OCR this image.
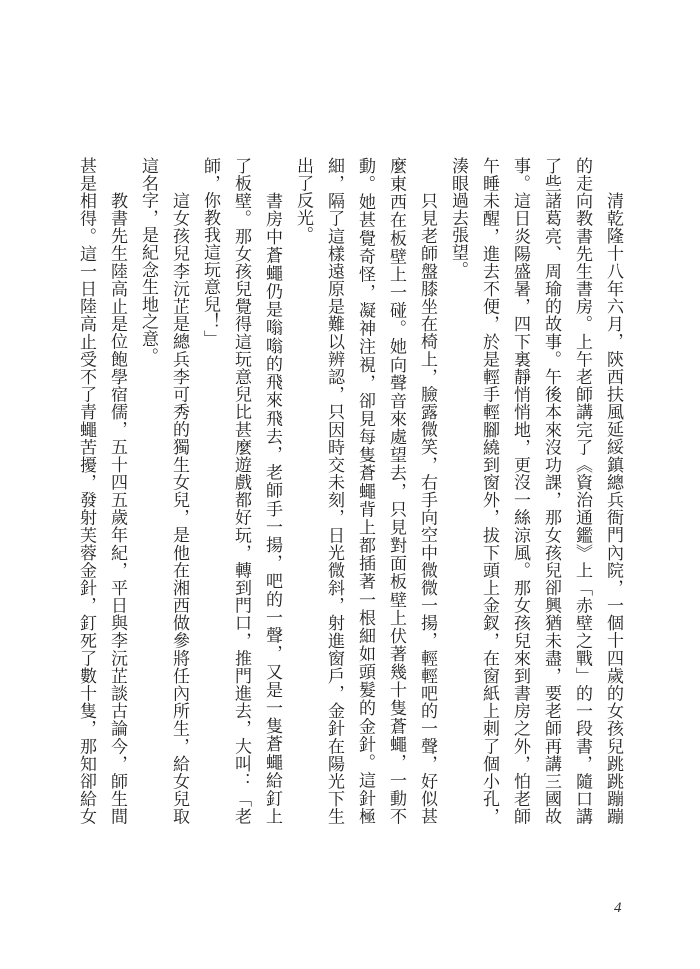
清乾隆十八年六月，陝西扶風延綏鎮總兵衙門內院，一個十四歲的女孩兒跳跳蹦蹦
的走向教書先生書房。上午老師講完了《資治通鑑》上「赤壁之戰」的一段書，隨口講
了些諸葛亮、周瑜的故事。午後本來沒功課，那女孩兒卻興猶未盡，要老師再講三國故
事。這日炎陽盛暑，四下裏靜悄悄地，更沒一絲涼風。那女孩兒來到書房之外，怕老師
午睡未醒，進去不便，於是輕手輕腳繞到窗外，拔下頭上金釵，在窗紙上刺了個小孔，
湊眼過去張望。
只見老師盤膝坐在椅上，臉露微笑，右手向空中微微一揚，輕輕吧的一聲，好似甚
麼東西在板壁上一碰。她向聲音來處望去，只見對面板壁上伏著幾十隻蒼蠅，一動不
動。她甚覺奇怪，凝神注視，卻見每隻蒼蠅背上都插著一根細如頭髮的金針。這針極
細，隔了這樣遠原是難以辨認，只因時交未刻，日光微斜，射進窗戶，金針在陽光下生
出了反光。
書房中蒼蠅仍是嗡嗡的飛來飛去，老師手一揚，吧的一聲，又是一隻蒼蠅給釘上
了板壁。那女孩兒覺得這玩意兒比甚麼遊戲都好玩，轉到門口，推門進去，大叫：「老
師，你教我這玩意兒！」
這女孩兒李沅芷是總兵李可秀的獨生女兒，是他在湘西做參將任內所生，給女兒取
這名字，是紀念生地之意。
教書先生陸高止是位飽學宿儒，五十四五歲年紀，平日與李沅芷談古論今，師生間
甚是相得。這一日陸高止受不了青蠅苦擾，發射芙蓉金針，釘死了數十隻，那知卻給女
4
